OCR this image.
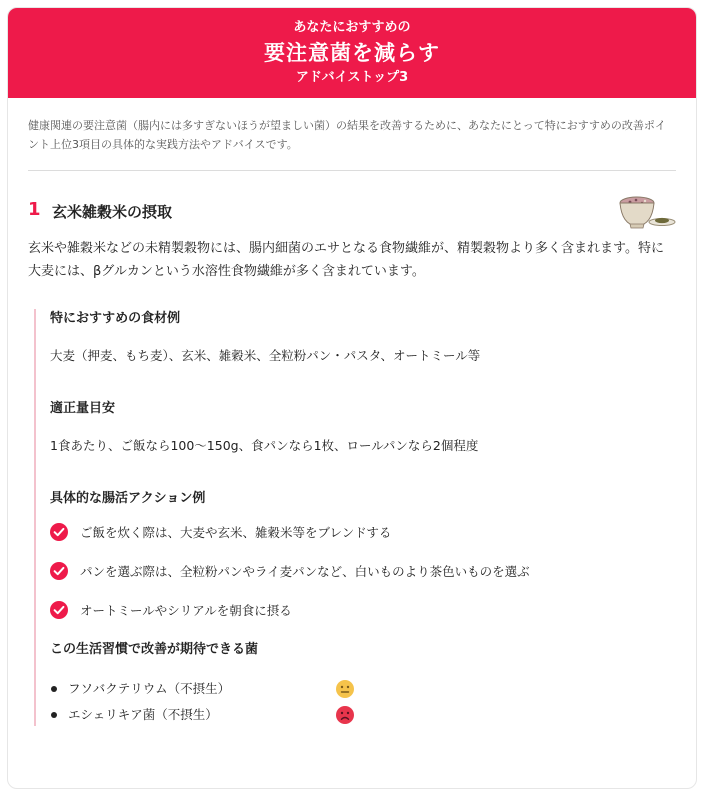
あなたにおすすめの
要注意菌を減らす
アドバイストップ3
健康関連の要注意菌（腸内には多すぎないほうが望ましい菌）の結果を改善するために、あなたにとって特におすすめの改善ポイント上位3項目の具体的な実践方法やアドバイスです。
1 玄米雑穀米の摂取
玄米や雑穀米などの未精製穀物には、腸内細菌のエサとなる食物繊維が、精製穀物より多く含まれます。特に大麦には、βグルカンという水溶性食物繊維が多く含まれています。
特におすすめの食材例
大麦（押麦、もち麦）、玄米、雑穀米、全粒粉パン・パスタ、オートミール等
適正量目安
1食あたり、ご飯なら100〜150g、食パンなら1枚、ロールパンなら2個程度
具体的な腸活アクション例
ご飯を炊く際は、大麦や玄米、雑穀米等をブレンドする
パンを選ぶ際は、全粒粉パンやライ麦パンなど、白いものより茶色いものを選ぶ
オートミールやシリアルを朝食に摂る
この生活習慣で改善が期待できる菌
フソバクテリウム（不摂生）
エシェリキア菌（不摂生）
